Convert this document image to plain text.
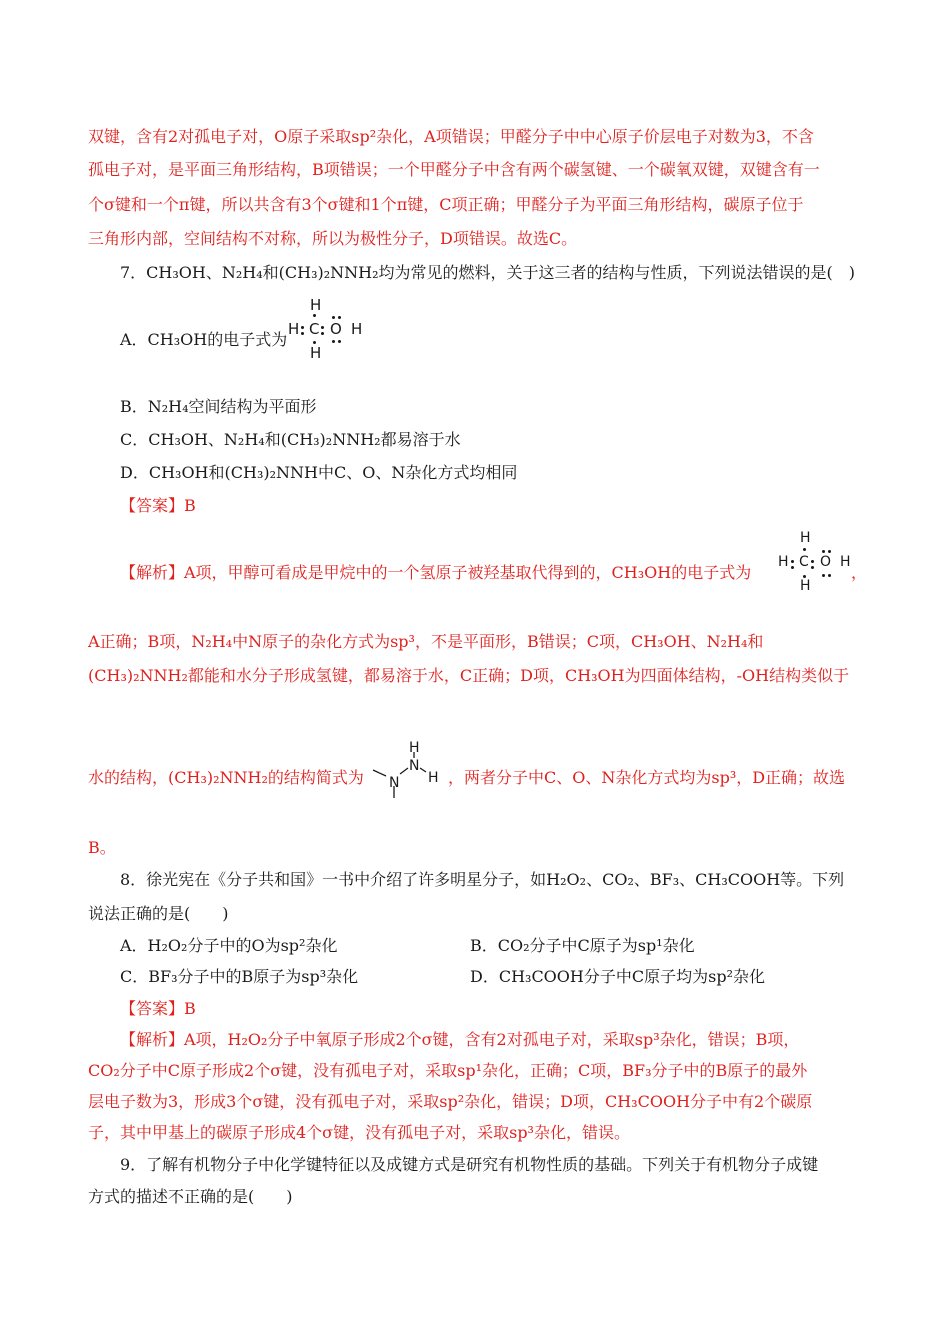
双键，含有2对孤电子对，O原子采取sp²杂化，A项错误；甲醛分子中中心原子价层电子对数为3，不含
孤电子对，是平面三角形结构，B项错误；一个甲醛分子中含有两个碳氢键、一个碳氧双键，双键含有一
个σ键和一个π键，所以共含有3个σ键和1个π键，C项正确；甲醛分子为平面三角形结构，碳原子位于
三角形内部，空间结构不对称，所以为极性分子，D项错误。故选C。
7．CH₃OH、N₂H₄和(CH₃)₂NNH₂均为常见的燃料，关于这三者的结构与性质，下列说法错误的是(　)
A．CH₃OH的电子式为
H
H C O H
H
B．N₂H₄空间结构为平面形
C．CH₃OH、N₂H₄和(CH₃)₂NNH₂都易溶于水
D．CH₃OH和(CH₃)₂NNH中C、O、N杂化方式均相同
【答案】B
【解析】A项，甲醇可看成是甲烷中的一个氢原子被羟基取代得到的，CH₃OH的电子式为
H
H C O H
H
，
A正确；B项，N₂H₄中N原子的杂化方式为sp³，不是平面形，B错误；C项，CH₃OH、N₂H₄和
(CH₃)₂NNH₂都能和水分子形成氢键，都易溶于水，C正确；D项，CH₃OH为四面体结构，-OH结构类似于
水的结构，(CH₃)₂NNH₂的结构简式为 N
N
H
H ，两者分子中C、O、N杂化方式均为sp³，D正确；故选
B。
8．徐光宪在《分子共和国》一书中介绍了许多明星分子，如H₂O₂、CO₂、BF₃、CH₃COOH等。下列
说法正确的是(　　)
A．H₂O₂分子中的O为sp²杂化	B．CO₂分子中C原子为sp¹杂化
C．BF₃分子中的B原子为sp³杂化	D．CH₃COOH分子中C原子均为sp²杂化
【答案】B
【解析】A项，H₂O₂分子中氧原子形成2个σ键，含有2对孤电子对，采取sp³杂化，错误；B项，
CO₂分子中C原子形成2个σ键，没有孤电子对，采取sp¹杂化，正确；C项，BF₃分子中的B原子的最外
层电子数为3，形成3个σ键，没有孤电子对，采取sp²杂化，错误；D项，CH₃COOH分子中有2个碳原
子，其中甲基上的碳原子形成4个σ键，没有孤电子对，采取sp³杂化，错误。
9．了解有机物分子中化学键特征以及成键方式是研究有机物性质的基础。下列关于有机物分子成键
方式的描述不正确的是(　　)
